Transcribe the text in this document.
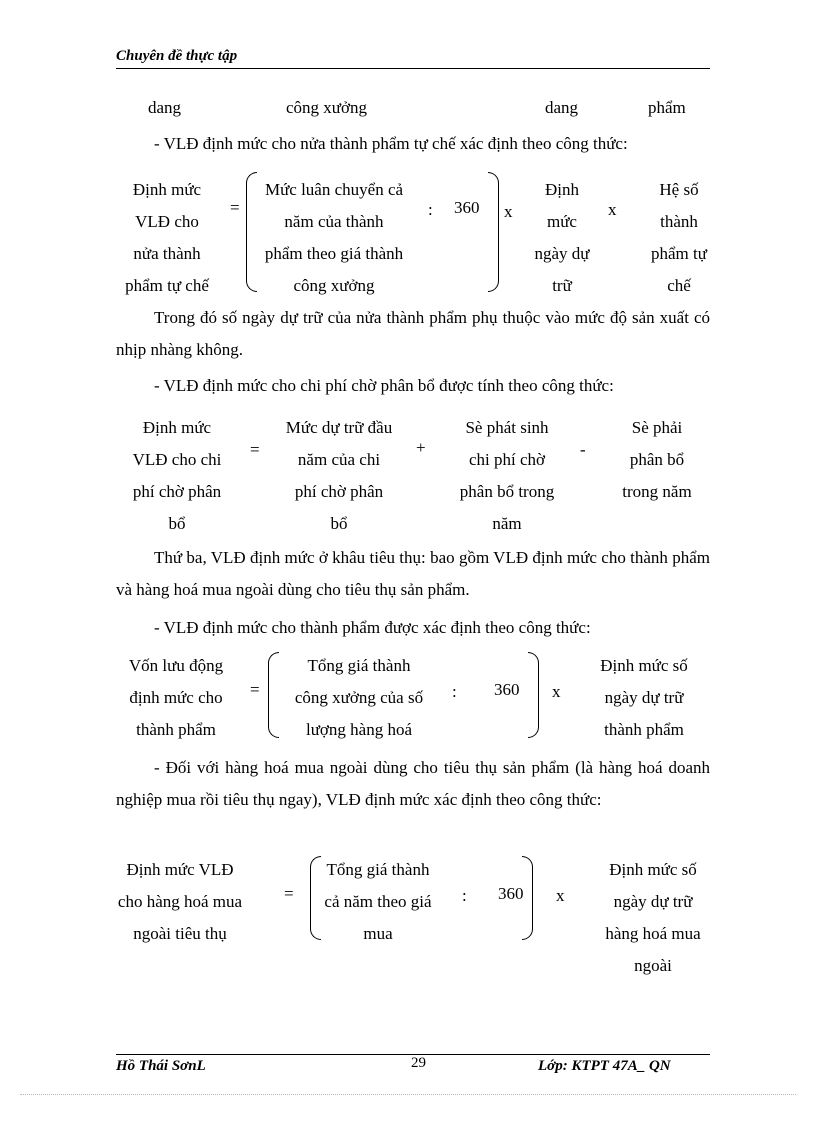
Chuyên đề thực tập
dang	công xưởng	dang	phẩm
- VLĐ định mức cho nửa thành phẩm tự chế xác định theo công thức:
Định mức
VLĐ cho
nửa thành
phẩm tự chế
=
Mức luân chuyển cả
năm của thành
phẩm theo giá thành
công xưởng
: 360 x
Định
mức
ngày dự
trữ
x
Hệ số
thành
phẩm tự
chế
Trong đó số ngày dự trữ của nửa thành phẩm phụ thuộc vào mức độ sản xuất có nhịp nhàng không.
- VLĐ định mức cho chi phí chờ phân bổ được tính theo công thức:
Định mức
VLĐ cho chi
phí chờ phân
bổ
=
Mức dự trữ đầu
năm của chi
phí chờ phân
bổ
+
Sè phát sinh
chi phí chờ
phân bổ trong
năm
-
Sè phải
phân bổ
trong năm
Thứ ba, VLĐ định mức ở khâu tiêu thụ: bao gồm VLĐ định mức cho thành phẩm và hàng hoá mua ngoài dùng cho tiêu thụ sản phẩm.
- VLĐ định mức cho thành phẩm được xác định theo công thức:
Vốn lưu động
định mức cho
thành phẩm
=
Tổng giá thành
công xưởng của số
lượng hàng hoá
: 360 x
Định mức số
ngày dự trữ
thành phẩm
- Đối với hàng hoá mua ngoài dùng cho tiêu thụ sản phẩm (là hàng hoá doanh nghiệp mua rồi tiêu thụ ngay), VLĐ định mức xác định theo công thức:
Định mức VLĐ
cho hàng hoá mua
ngoài tiêu thụ
=
Tổng giá thành
cả năm theo giá
mua
: 360 x
Định mức số
ngày dự trữ
hàng hoá mua
ngoài
Hồ Thái SơnL	29	Lớp: KTPT 47A_ QN
